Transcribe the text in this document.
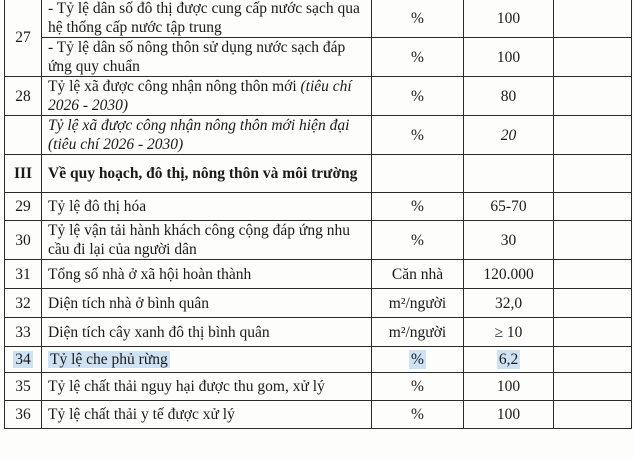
27	- Tỷ lệ dân số đô thị được cung cấp nước sạch qua hệ thống cấp nước tập trung	%	100	
	- Tỷ lệ dân số nông thôn sử dụng nước sạch đáp ứng quy chuẩn	%	100	
28	Tỷ lệ xã được công nhận nông thôn mới (tiêu chí 2026 - 2030)	%	80	
	Tỷ lệ xã được công nhận nông thôn mới hiện đại (tiêu chí 2026 - 2030)	%	20	
III	Về quy hoạch, đô thị, nông thôn và môi trường			
29	Tỷ lệ đô thị hóa	%	65-70	
30	Tỷ lệ vận tải hành khách công cộng đáp ứng nhu cầu đi lại của người dân	%	30	
31	Tổng số nhà ở xã hội hoàn thành	Căn nhà	120.000	
32	Diện tích nhà ở bình quân	m²/người	32,0	
33	Diện tích cây xanh đô thị bình quân	m²/người	≥ 10	
34	Tỷ lệ che phủ rừng	%	6,2	
35	Tỷ lệ chất thải nguy hại được thu gom, xử lý	%	100	
36	Tỷ lệ chất thải y tế được xử lý	%	100	
